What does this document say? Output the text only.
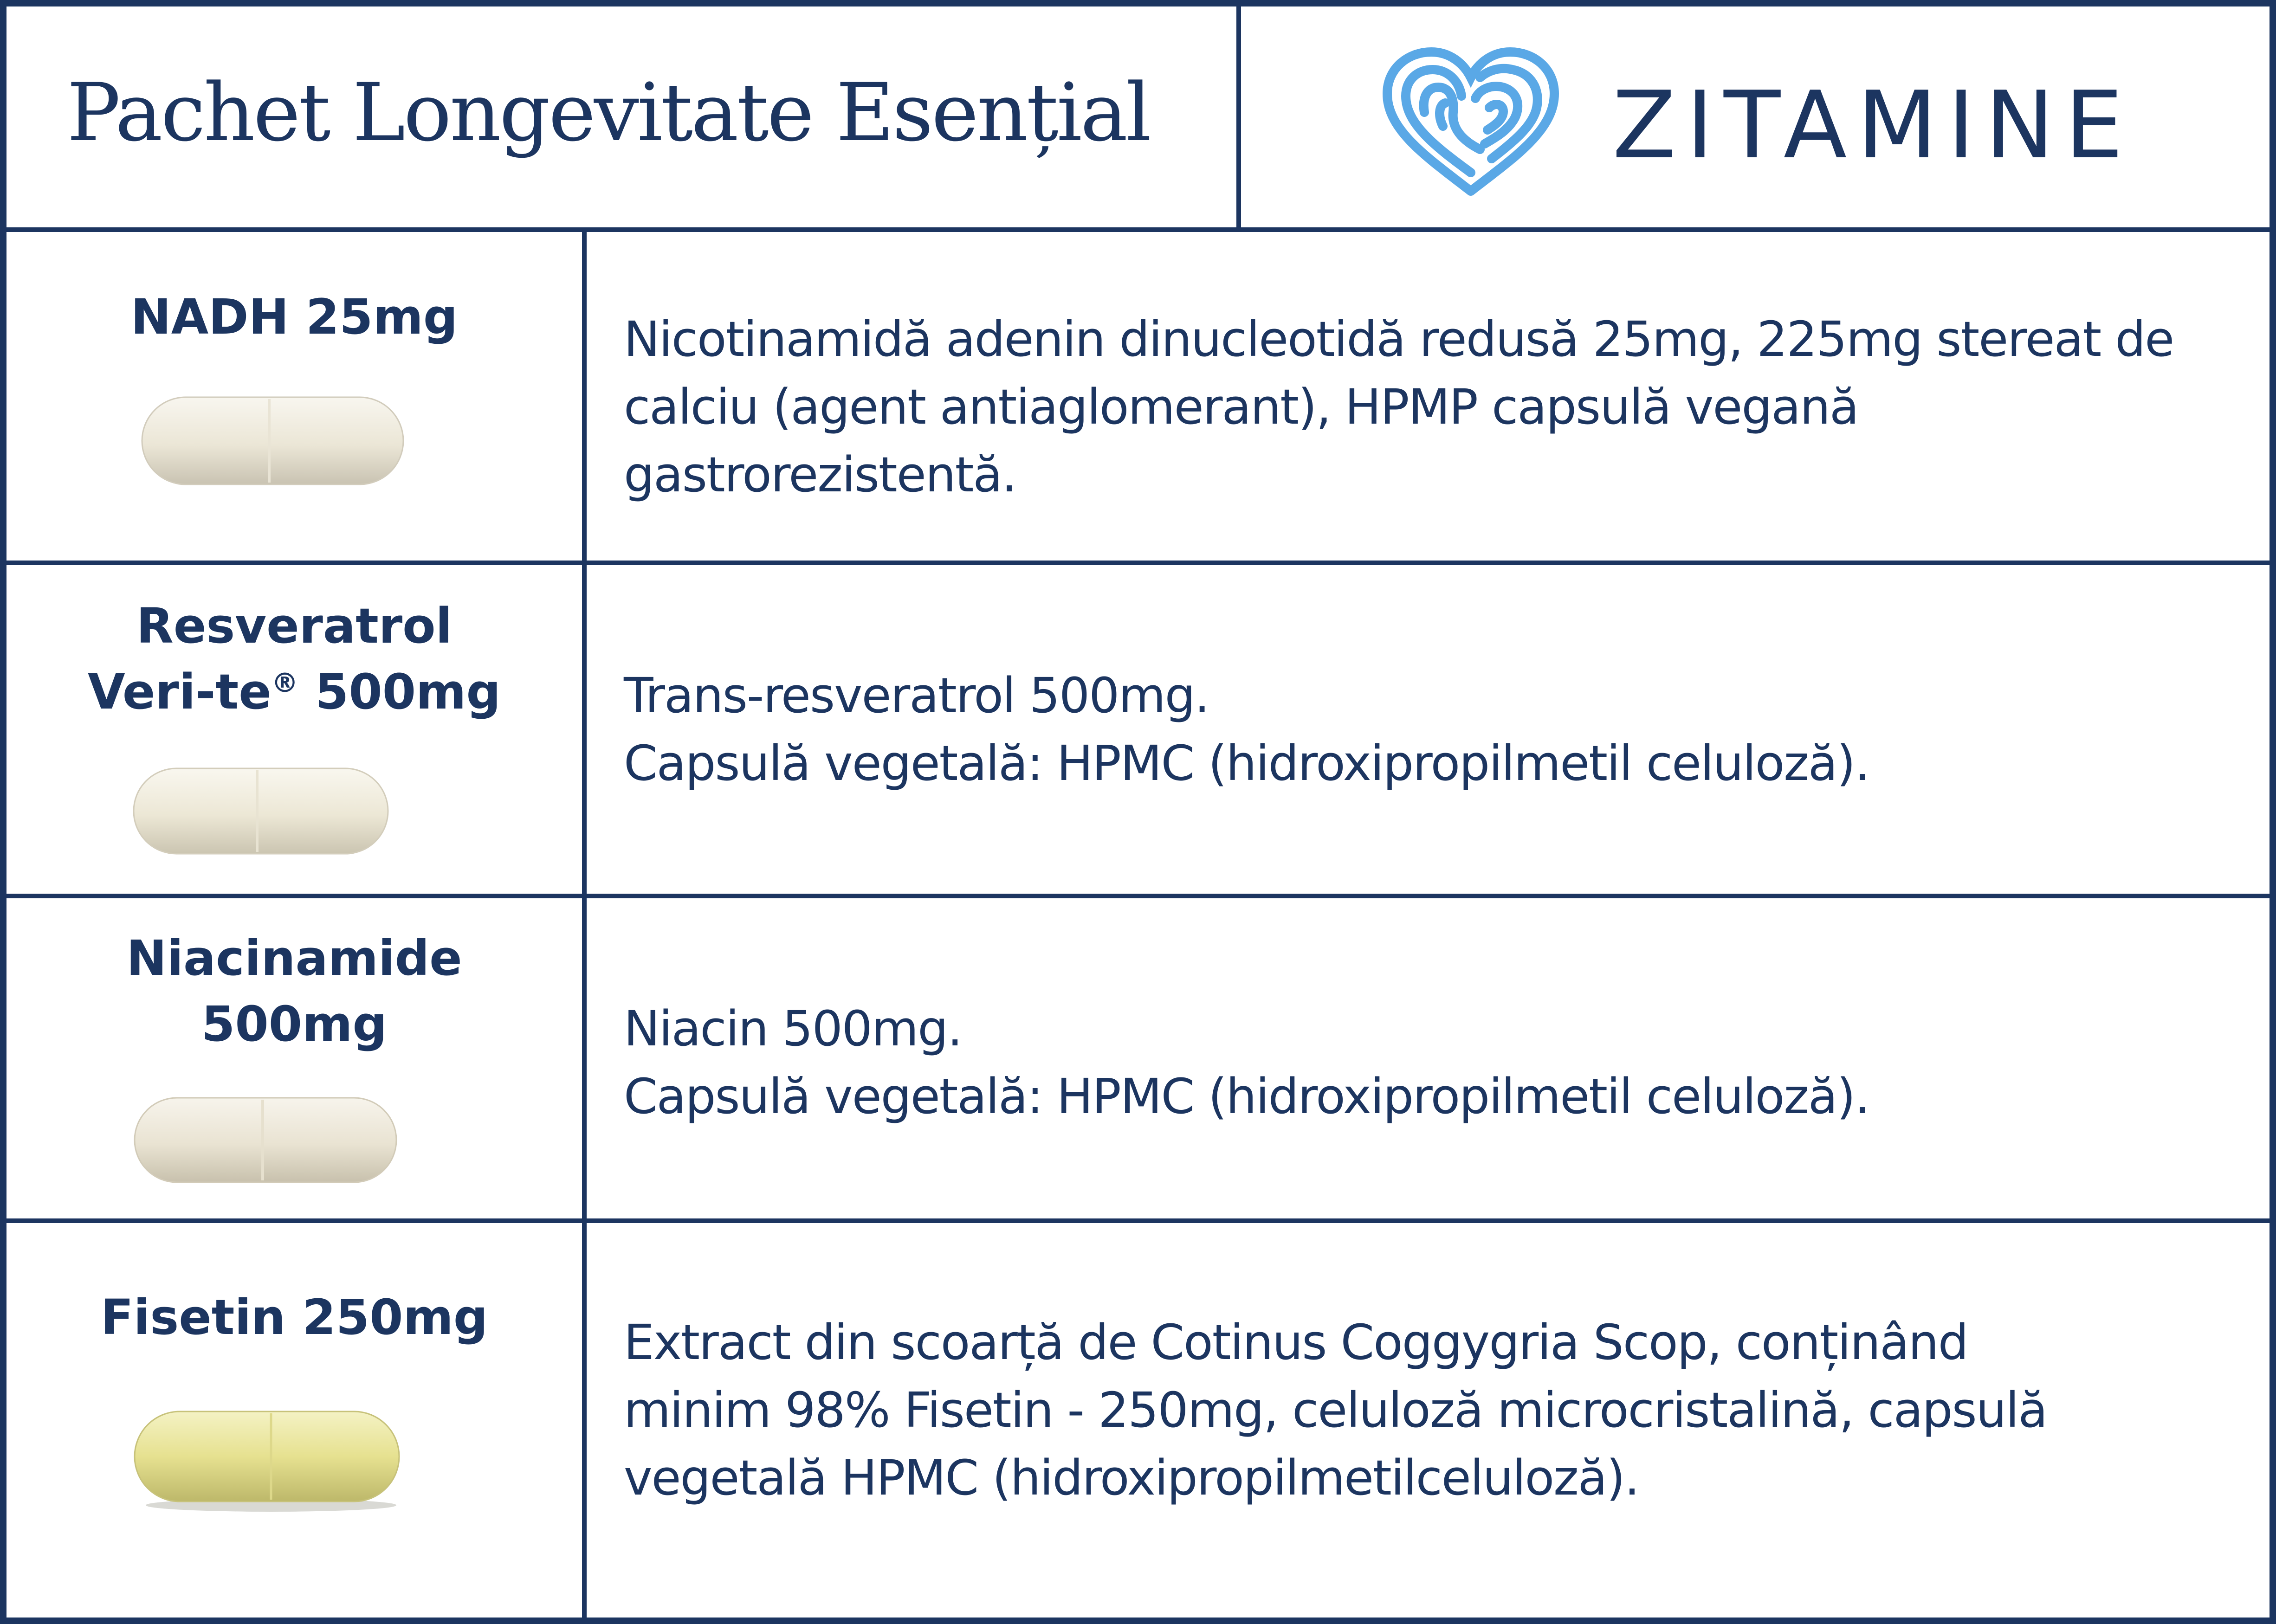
Pachet Longevitate Esențial	ZITAMINE
NADH 25mg	Nicotinamidă adenin dinucleotidă redusă 25mg, 225mg stereat de
calciu (agent antiaglomerant), HPMP capsulă vegană
gastrorezistentă.
Resveratrol
Veri-te® 500mg	Trans-resveratrol 500mg.
Capsulă vegetală: HPMC (hidroxipropilmetil celuloză).
Niacinamide
500mg	Niacin 500mg.
Capsulă vegetală: HPMC (hidroxipropilmetil celuloză).
Fisetin 250mg	Extract din scoarță de Cotinus Coggygria Scop, conținând
minim 98% Fisetin - 250mg, celuloză microcristalină, capsulă
vegetală HPMC (hidroxipropilmetilceluloză).
